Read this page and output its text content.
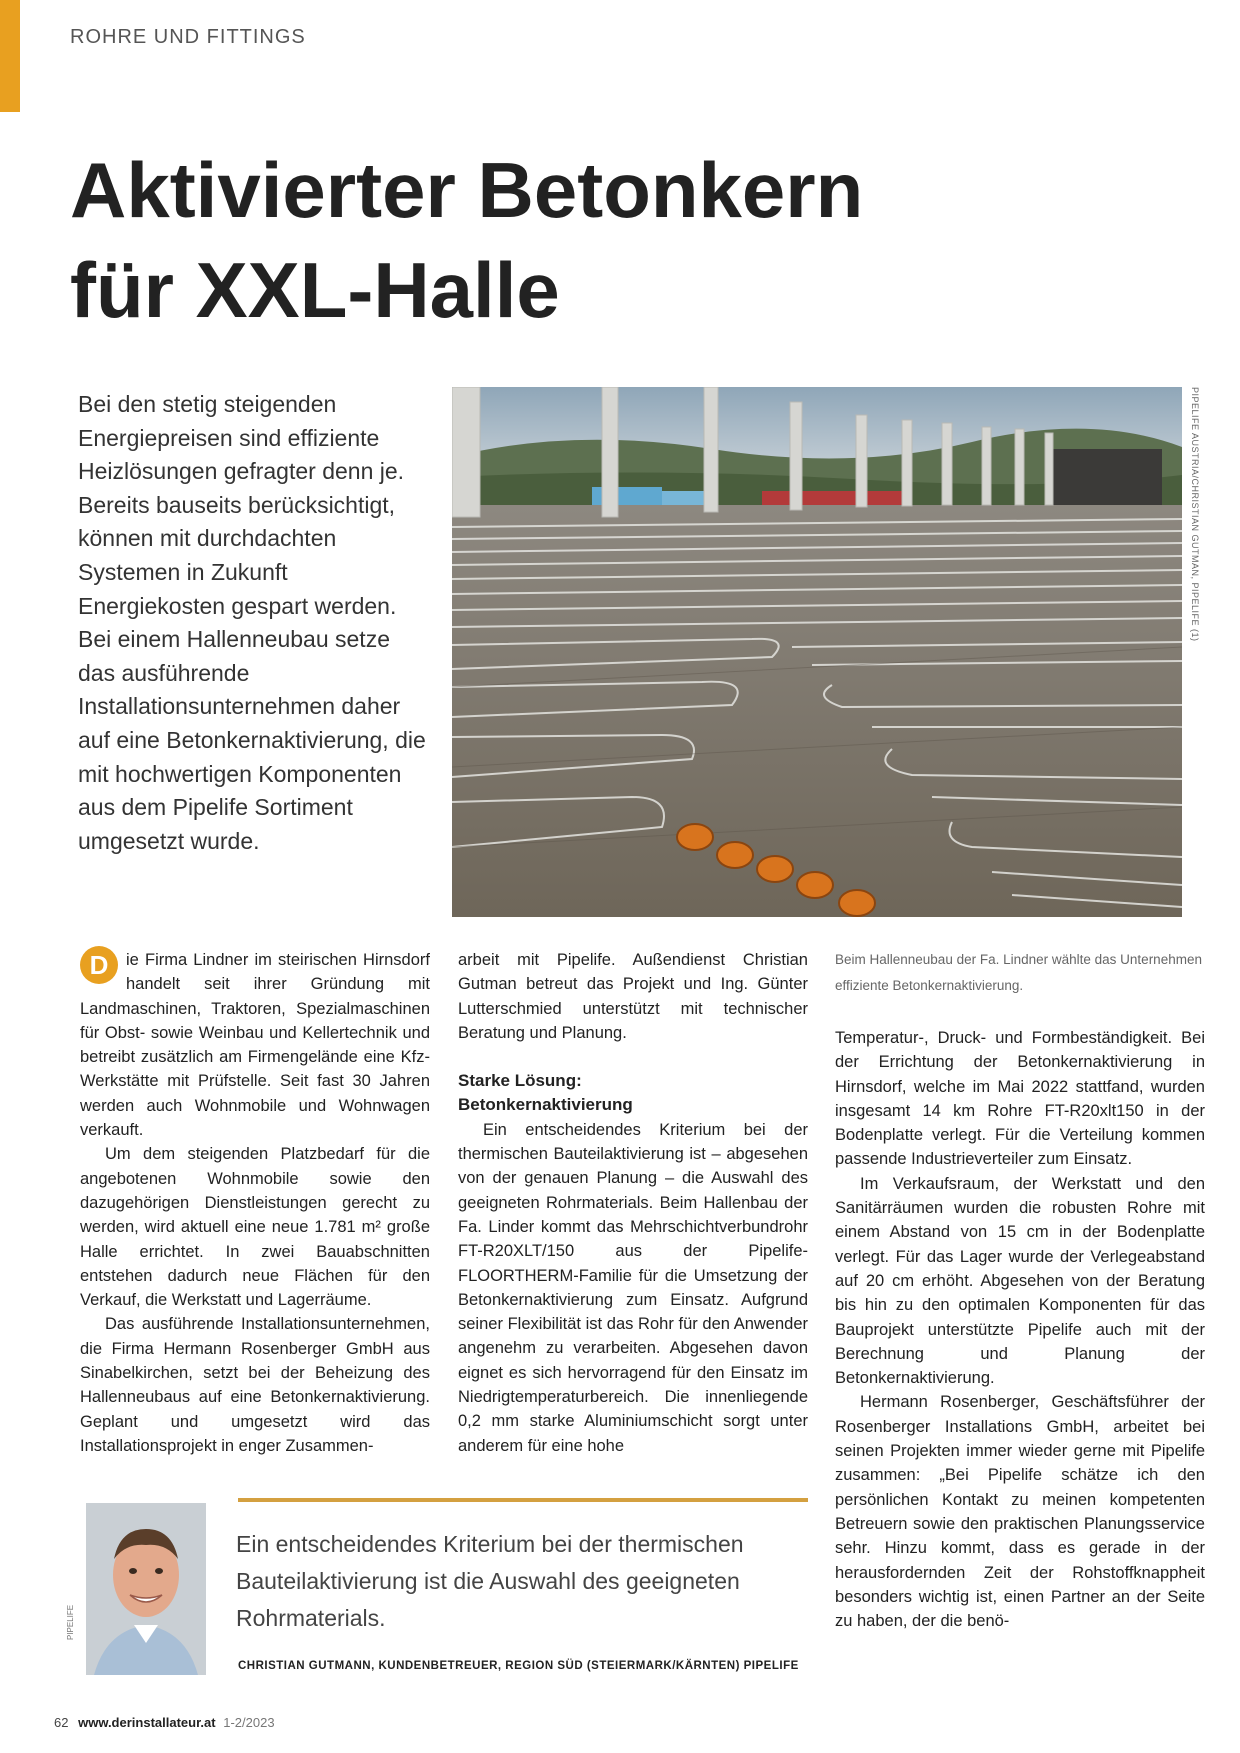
ROHRE UND FITTINGS
Aktivierter Betonkern
für XXL-Halle

Bei den stetig steigenden Energiepreisen sind effiziente Heizlösungen gefragter denn je. Bereits bauseits berücksichtigt, können mit durchdachten Systemen in Zukunft Energiekosten gespart werden. Bei einem Hallenneubau setze das ausführende Installationsunternehmen daher auf eine Betonkernaktivierung, die mit hochwertigen Komponenten aus dem Pipelife Sortiment umgesetzt wurde.

PIPELIFE AUSTRIA/CHRISTIAN GUTMAN, PIPELIFE (1)

Beim Hallenneubau der Fa. Lindner wählte das Unternehmen effiziente Betonkernaktivierung.

D	ie Firma Lindner im steirischen Hirnsdorf handelt seit ihrer Gründung mit Landmaschinen, Traktoren, Spezialmaschinen für Obst- sowie Weinbau und Kellertechnik und betreibt zusätzlich am Firmengelände eine Kfz-Werkstätte mit Prüfstelle. Seit fast 30 Jahren werden auch Wohnmobile und Wohnwagen verkauft.

Um dem steigenden Platzbedarf für die angebotenen Wohnmobile sowie den dazugehörigen Dienstleistungen gerecht zu werden, wird aktuell eine neue 1.781 m² große Halle errichtet. In zwei Bauabschnitten entstehen dadurch neue Flächen für den Verkauf, die Werkstatt und Lagerräume.

Das ausführende Installationsunternehmen, die Firma Hermann Rosenberger GmbH aus Sinabelkirchen, setzt bei der Beheizung des Hallenneubaus auf eine Betonkernaktivierung. Geplant und umgesetzt wird das Installationsprojekt in enger Zusammen-

arbeit mit Pipelife. Außendienst Christian Gutman betreut das Projekt und Ing. Günter Lutterschmied unterstützt mit technischer Beratung und Planung.

Starke Lösung:
Betonkernaktivierung

Ein entscheidendes Kriterium bei der thermischen Bauteilaktivierung ist – abgesehen von der genauen Planung – die Auswahl des geeigneten Rohrmaterials. Beim Hallenbau der Fa. Linder kommt das Mehrschichtverbundrohr FT-R20XLT/150 aus der Pipelife-FLOORTHERM-Familie für die Umsetzung der Betonkernaktivierung zum Einsatz. Aufgrund seiner Flexibilität ist das Rohr für den Anwender angenehm zu verarbeiten. Abgesehen davon eignet es sich hervorragend für den Einsatz im Niedrigtemperaturbereich. Die innenliegende 0,2 mm starke Aluminiumschicht sorgt unter anderem für eine hohe

Temperatur-, Druck- und Formbeständigkeit. Bei der Errichtung der Betonkernaktivierung in Hirnsdorf, welche im Mai 2022 stattfand, wurden insgesamt 14 km Rohre FT-R20xlt150 in der Bodenplatte verlegt. Für die Verteilung kommen passende Industrieverteiler zum Einsatz.

Im Verkaufsraum, der Werkstatt und den Sanitärräumen wurden die robusten Rohre mit einem Abstand von 15 cm in der Bodenplatte verlegt. Für das Lager wurde der Verlegeabstand auf 20 cm erhöht. Abgesehen von der Beratung bis hin zu den optimalen Komponenten für das Bauprojekt unterstützte Pipelife auch mit der Berechnung und Planung der Betonkernaktivierung.

Hermann Rosenberger, Geschäftsführer der Rosenberger Installations GmbH, arbeitet bei seinen Projekten immer wieder gerne mit Pipelife zusammen: „Bei Pipelife schätze ich den persönlichen Kontakt zu meinen kompetenten Betreuern sowie den praktischen Planungsservice sehr. Hinzu kommt, dass es gerade in der herausfordernden Zeit der Rohstoffknappheit besonders wichtig ist, einen Partner an der Seite zu haben, der die benö-

PIPELIFE

Ein entscheidendes Kriterium bei der thermischen Bauteilaktivierung ist die Auswahl des geeigneten Rohrmaterials.

CHRISTIAN GUTMANN, KUNDENBETREUER, REGION SÜD (STEIERMARK/KÄRNTEN) PIPELIFE
62 www.derinstallateur.at 1-2/2023
